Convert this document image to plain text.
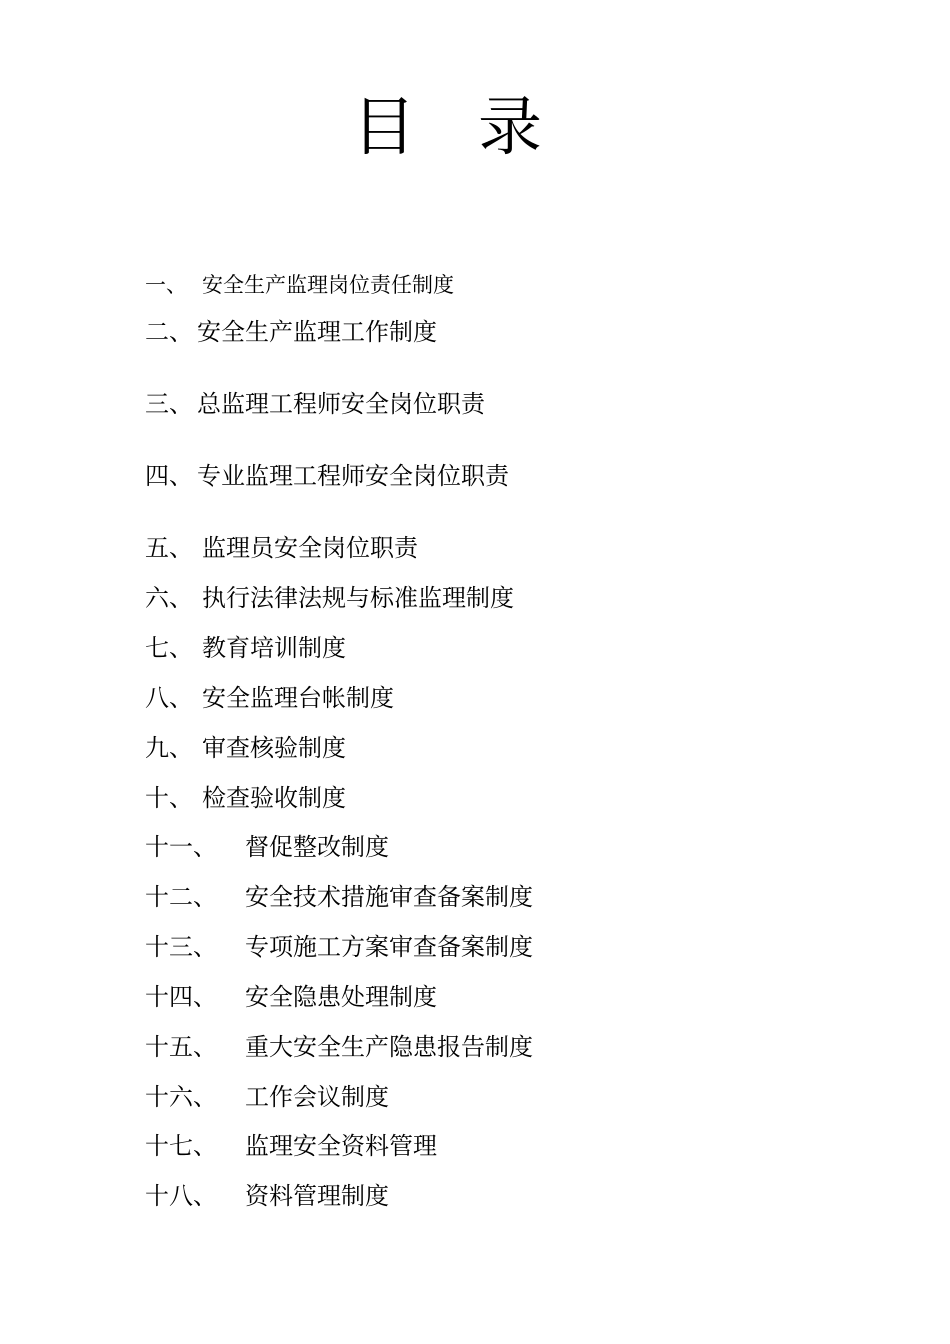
目 录
一、 安全生产监理岗位责任制度
二、 安全生产监理工作制度
三、 总监理工程师安全岗位职责
四、 专业监理工程师安全岗位职责
五、 监理员安全岗位职责
六、 执行法律法规与标准监理制度
七、 教育培训制度
八、 安全监理台帐制度
九、 审查核验制度
十、 检查验收制度
十一、 督促整改制度
十二、 安全技术措施审查备案制度
十三、 专项施工方案审查备案制度
十四、 安全隐患处理制度
十五、 重大安全生产隐患报告制度
十六、 工作会议制度
十七、 监理安全资料管理
十八、 资料管理制度
